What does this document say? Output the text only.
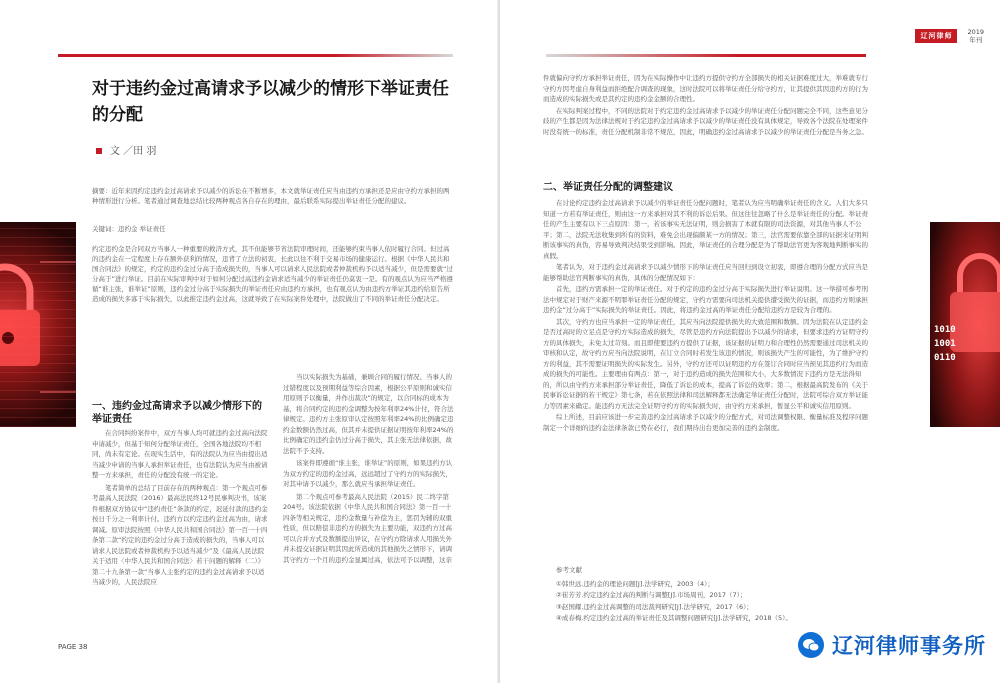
对于违约金过高请求予以减少的情形下举证责任的分配
文 ／田 羽

摘要：近年来因约定违约金过高请求予以减少的诉讼在不断增多，本文就举证责任应当由违约方承担还是应由守约方承担的两种情形进行分析。笔者通过调查地总结比较两种观点各自存在的理由，最后联系实际提出举证责任分配的建议。

关键词：违约金 举证责任

约定违约金是合同双方当事人一种重要的救济方式，其不但能够节省法院审理时间，还能够约束当事人依时履行合同。但过高的违约金在一定程度上存在额外获利的情况，违背了立法的初衷，长此以往不利于交易市场的健康运行。根据《中华人民共和国合同法》的规定，约定的违约金过分高于造成损失的，当事人可以请求人民法院或者仲裁机构予以适当减少，但是需要就“过分高于”进行举证。目前在实际审判中对于如何分配过高违约金请求适当减少的举证责任仍莫衷一是。有的观点认为应当严格遵循“谁主张，谁举证”原则，违约金过分高于实际损失的举证责任应由违约方承担，也有观点认为由违约方举证其违约给原告所造成的损失多寡于实际损失，以此推定违约金过高，这就导致了在实际案件处理中，法院做出了不同的举证责任分配决定。

一、违约金过高请求予以减少情形下的举证责任

在合同纠纷案件中，双方当事人均可就违约金过高向法院申请减少，但基于知何分配举证责任，全国各地法院均不相同，尚未有定论。在现实生活中，有的法院认为应当由提出适当减少申请的当事人承担举证责任，也有法院认为应当由被请整一方来承担，责任的分配没有统一的定论。

笔者简单的总结了目前存在的两种观点：第一个观点可参考最高人民法院（2016）最高法民终12号民事判决书，该案件根据双方协议中“违约责任”条款的约定，迟延付款的违约金按日千分之一利率计付。违约方以约定违约金过高为由，请求调减。原审法院按照《中华人民共和国合同法》第一百一十四条第二款“约定的违约金过分高于造成的损失的，当事人可以请求人民法院或者仲裁机构予以适当减少”及《最高人民法院关于适用〈中华人民共和国合同法〉若干问题的解释（二）》第二十九条第一款“当事人主张约定的违约金过高请求予以适当减少的，人民法院应

当以实际损失为基础，兼顾合同的履行情况、当事人的过错程度以及预期利益等综合因素，根据公平原则和诚实信用原则予以衡量，并作出裁决”的规定，以合同标的成本为基，将合同约定的违约金调整为按年利率24%计付，符合法律规定。违约方主张原审认定按照年利率24%的比例确定违约金数额仍然过高，但其并未提供证据证明按年利率24%的比例确定的违约金仍过分高于损失，其主张无法律依据，故法院不予支持。

该案件即遵循“谁主张，谁举证”的原则，如果违约方认为双方约定的违约金过高，远远超过了守约方的实际损失，对其申请予以减少，那么就应当承担举证责任。

第二个观点可参考最高人民法院（2015）民二终字第204号。该法院依据《中华人民共和国合同法》第一百一十四条等相关规定，违约金数量与补偿为主，惩罚为辅的双重性质，但以赔偿非违约方的损失为主要功能，双违约方过高可以合并方式及数额提出异议，在守约方除请求人用损失外并未提交证据证明其因此所造成的其他损失之情形下，请调其守约方一个月的违约金显属过高，依法可予以调整，这亲

PAGE 38
辽河律师	2019
年刊

件就偏向守约方承担举证责任，因为在实际操作中让违约方提供守约方全部损失的相关证据难度过大，举难就专行守约方因考虑自身利益而拒绝配合调查的现象，这时法院可以将举证责任分给守约方，让其提供其因违约方的行为而造成的实际损失或是其约定的违约金金额的合理性。

在实际判案过程中，不同的法院对于约定违约金过高请求予以减少的举证责任分配问题完全不同，这些意见分歧的产生都是因为法律法规对于约定违约金过高请求予以减少的举证责任没有具体规定，导致各个法院在处理案件时没有统一的标准，责任分配机制非常不规范，因此，明确违约金过高请求予以减少的举证责任分配是当务之急。

二、举证责任分配的调整建议

在讨论约定违约金过高请求予以减少的举证责任分配问题时，笔者认为应当明确举证责任的含义。人们大多只知道一方若有举证责任，则由这一方来承担对其不利的诉讼后果。但这往往忽略了什么是举证责任的分配。举证责任的产生主要有以下三点原因：第一，若该事实无法证明，则会损害了本就有限的司法资源，对其他当事人不公平；第二，法院无法收集到所有的资料，难免会出现偏颇某一方的情况；第三，法官需要依靠全部的证据来证明判断该事实的真伪，容易导致判决结果受到影响。因此，举证责任的合理分配是为了帮助法官更为客观地判断事实的真假。

笔者认为，对于违约金过高请求予以减少情形下的举证责任应当回归到设立初衷，即遵合理的分配方式应当是能够帮助法官判断事实的真伪，具体的分配情况如下：

首先，违约方需承担一定的举证责任。对于约定的违约金过分高于实际损失进行举证说明。这一举措可参考刑法中规定对于财产来源不明罪举证责任分配的规定，守约方需要向司法机关提供遭受损失的证据，而违约方则承担违约金“过分高于”实际损失的举证责任。因此，将违约金过高的举证责任分配给违约方是较为合理的。

其次，守约方也应当承担一定的举证责任，其应当向法院提供损失的大致范围和数额。因为法院在认定违约金是否过高时的立足点是守约方实际造成的损失，尽管是违约方向法院提出予以减少的请求，但要求违约方证明守约方的具体损失，未免太过苛刻。而且即使要违约方提供了证据，该证据的证明力和合理性仍然需要通过司法机关的审核和认定，故守约方应当向法院说明，在订立合同时若发生该违约情况，则该损失产生的可能性，为了维护守约方的利益，其不需要证明损失的实际发生。另外，守约方还可以证明违约方在签订合同时应当预见其违约行为而造成的损失的可能性。主要理由有两点：第一，对于违约造成的损失范围和大小，大多数情况下违约方是无法得知的，所以由守约方来承担部分举证责任，降低了诉讼的成本，提高了诉讼的效率；第二，根据最高院发布的《关于民事诉讼证据的若干规定》第七条，若在依照法律和司法解释都无法确定举证责任分配时，法院可综合双方举证能力等因素来确定。能违约方无法完全证明守约方的实际损失时，由守约方来承担，暂显公平和诚实信用原则。

综上所述，目前应该进一步完善违约金过高请求予以减少的分配方式，对司法调整权限、衡量标准及程序问题制定一个详细的违约金法律条款已势在必行，我们期待出台更加完善的违约金制度。

参考文献
①韩世远.违约金的理论问题[J].法学研究，2003（4）；
②崔芳芳.约定违约金过高的判断与调整[J].市场周刊，2017（7）；
③赵国耀.违约金过高调整的司法裁判研究[J].法学研究，2017（6）；
④成春梅.约定违约金过高的举证责任及其调整问题研究[J].法学研究，2018（5）。
辽河律师事务所
1010
1001
0110
